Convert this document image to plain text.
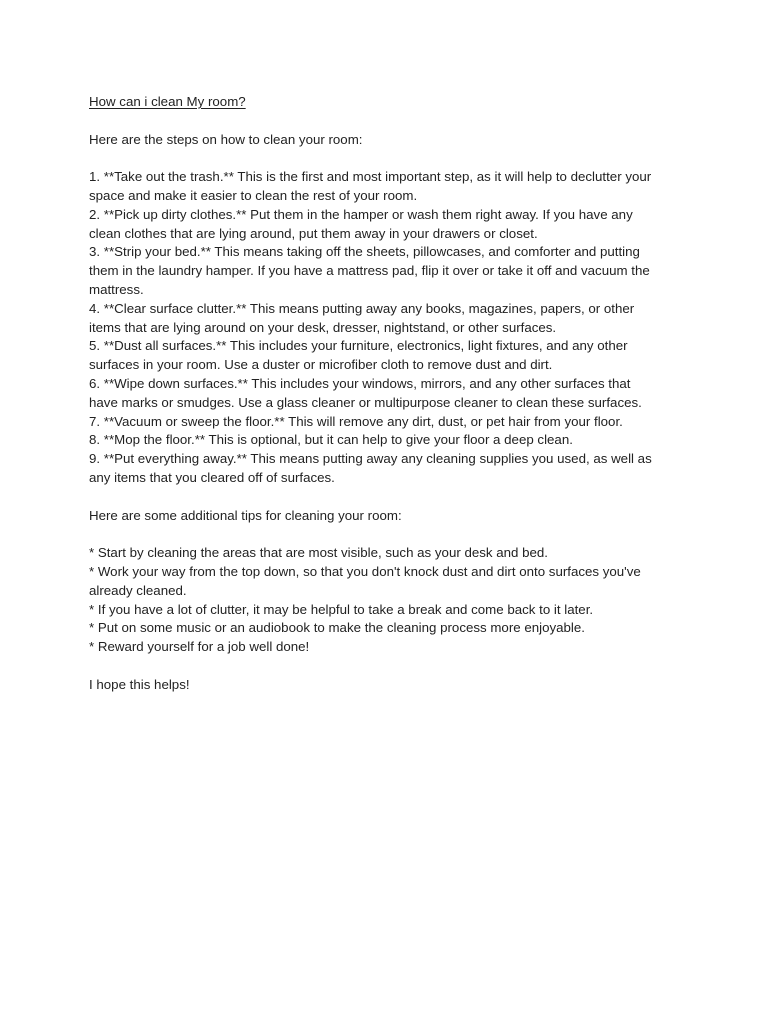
How can i clean My room?
Here are the steps on how to clean your room:
1. **Take out the trash.** This is the first and most important step, as it will help to declutter your
space and make it easier to clean the rest of your room.
2. **Pick up dirty clothes.** Put them in the hamper or wash them right away. If you have any
clean clothes that are lying around, put them away in your drawers or closet.
3. **Strip your bed.** This means taking off the sheets, pillowcases, and comforter and putting
them in the laundry hamper. If you have a mattress pad, flip it over or take it off and vacuum the
mattress.
4. **Clear surface clutter.** This means putting away any books, magazines, papers, or other
items that are lying around on your desk, dresser, nightstand, or other surfaces.
5. **Dust all surfaces.** This includes your furniture, electronics, light fixtures, and any other
surfaces in your room. Use a duster or microfiber cloth to remove dust and dirt.
6. **Wipe down surfaces.** This includes your windows, mirrors, and any other surfaces that
have marks or smudges. Use a glass cleaner or multipurpose cleaner to clean these surfaces.
7. **Vacuum or sweep the floor.** This will remove any dirt, dust, or pet hair from your floor.
8. **Mop the floor.** This is optional, but it can help to give your floor a deep clean.
9. **Put everything away.** This means putting away any cleaning supplies you used, as well as
any items that you cleared off of surfaces.
Here are some additional tips for cleaning your room:
* Start by cleaning the areas that are most visible, such as your desk and bed.
* Work your way from the top down, so that you don't knock dust and dirt onto surfaces you've
already cleaned.
* If you have a lot of clutter, it may be helpful to take a break and come back to it later.
* Put on some music or an audiobook to make the cleaning process more enjoyable.
* Reward yourself for a job well done!
I hope this helps!
